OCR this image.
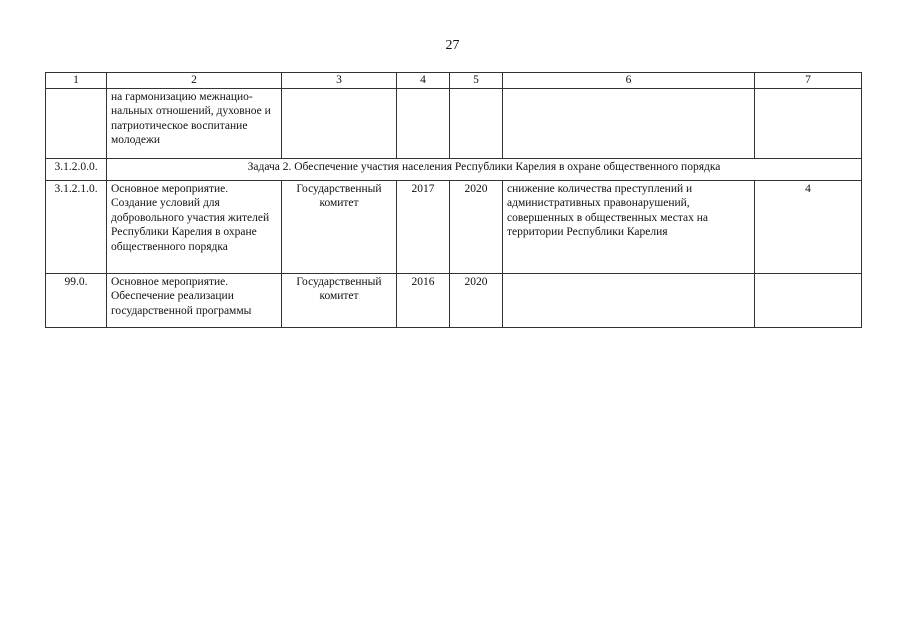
27
1	2	3	4	5	6	7
	на гармонизацию межнацио-нальных отношений, духовное и патриотическое воспитание молодежи					
3.1.2.0.0.	Задача 2. Обеспечение участия населения Республики Карелия в охране общественного порядка					
3.1.2.1.0.	Основное мероприятие. Создание условий для добровольного участия жителей Республики Карелия в охране общественного порядка	Государственный комитет	2017	2020	снижение количества преступлений и административных правонарушений, совершенных в общественных местах на территории Республики Карелия	4
99.0.	Основное мероприятие. Обеспечение реализации государственной программы	Государственный комитет	2016	2020		
